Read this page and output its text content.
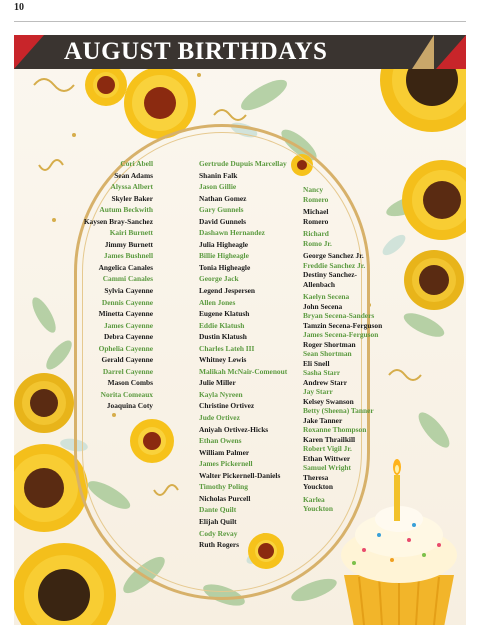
10
AUGUST BIRTHDAYS
Cori Abell
Sean Adams
Alyssa Albert
Skyler Baker
Autum Beckwith
Kaysen Bray-Sanchez
Kairi Burnett
Jimmy Burnett
James Bushnell
Angelica Canales
Cammi Canales
Sylvia Cayenne
Dennis Cayenne
Minetta Cayenne
James Cayenne
Debra Cayenne
Ophelia Cayenne
Gerald Cayenne
Darrel Cayenne
Mason Combs
Norita Comeaux
Joaquina Coty
Gertrude Dupuis Marcellay
Shanin Falk
Jason Gillie
Nathan Gomez
Gary Gunnels
David Gunnels
Dashawn Hernandez
Julia Higheagle
Billie Higheagle
Tonia Higheagle
George Jack
Legend Jespersen
Allen Jones
Eugene Klatush
Eddie Klatush
Dustin Klatush
Charles Lateh III
Whitney Lewis
Malikah McNair-Comenout
Julie Miller
Kayla Nyreen
Christine Ortivez
Jude Ortivez
Aniyah Ortivez-Hicks
Ethan Owens
William Palmer
James Pickernell
Walter Pickernell-Daniels
Timothy Poling
Nicholas Purcell
Dante Quilt
Elijah Quilt
Cody Revay
Ruth Rogers
Nancy
Romero
Michael
Romero
Richard
Romo Jr.
George Sanchez Jr.
Freddie Sanchez Jr.
Destiny Sanchez-
Allenbach
Kaelyn Secena
John Secena
Bryan Secena-Sanders
Tamzin Secena-Ferguson
James Secena-Ferguson
Roger Shortman
Sean Shortman
Eli Snell
Sasha Starr
Andrew Starr
Jay Starr
Kelsey Swanson
Betty (Sheena) Tanner
Jake Tanner
Roxanne Thompson
Karen Thrailkill
Robert Vigil Jr.
Ethan Wittwer
Samuel Wright
Theresa
Youckton
Karlea
Youckton
